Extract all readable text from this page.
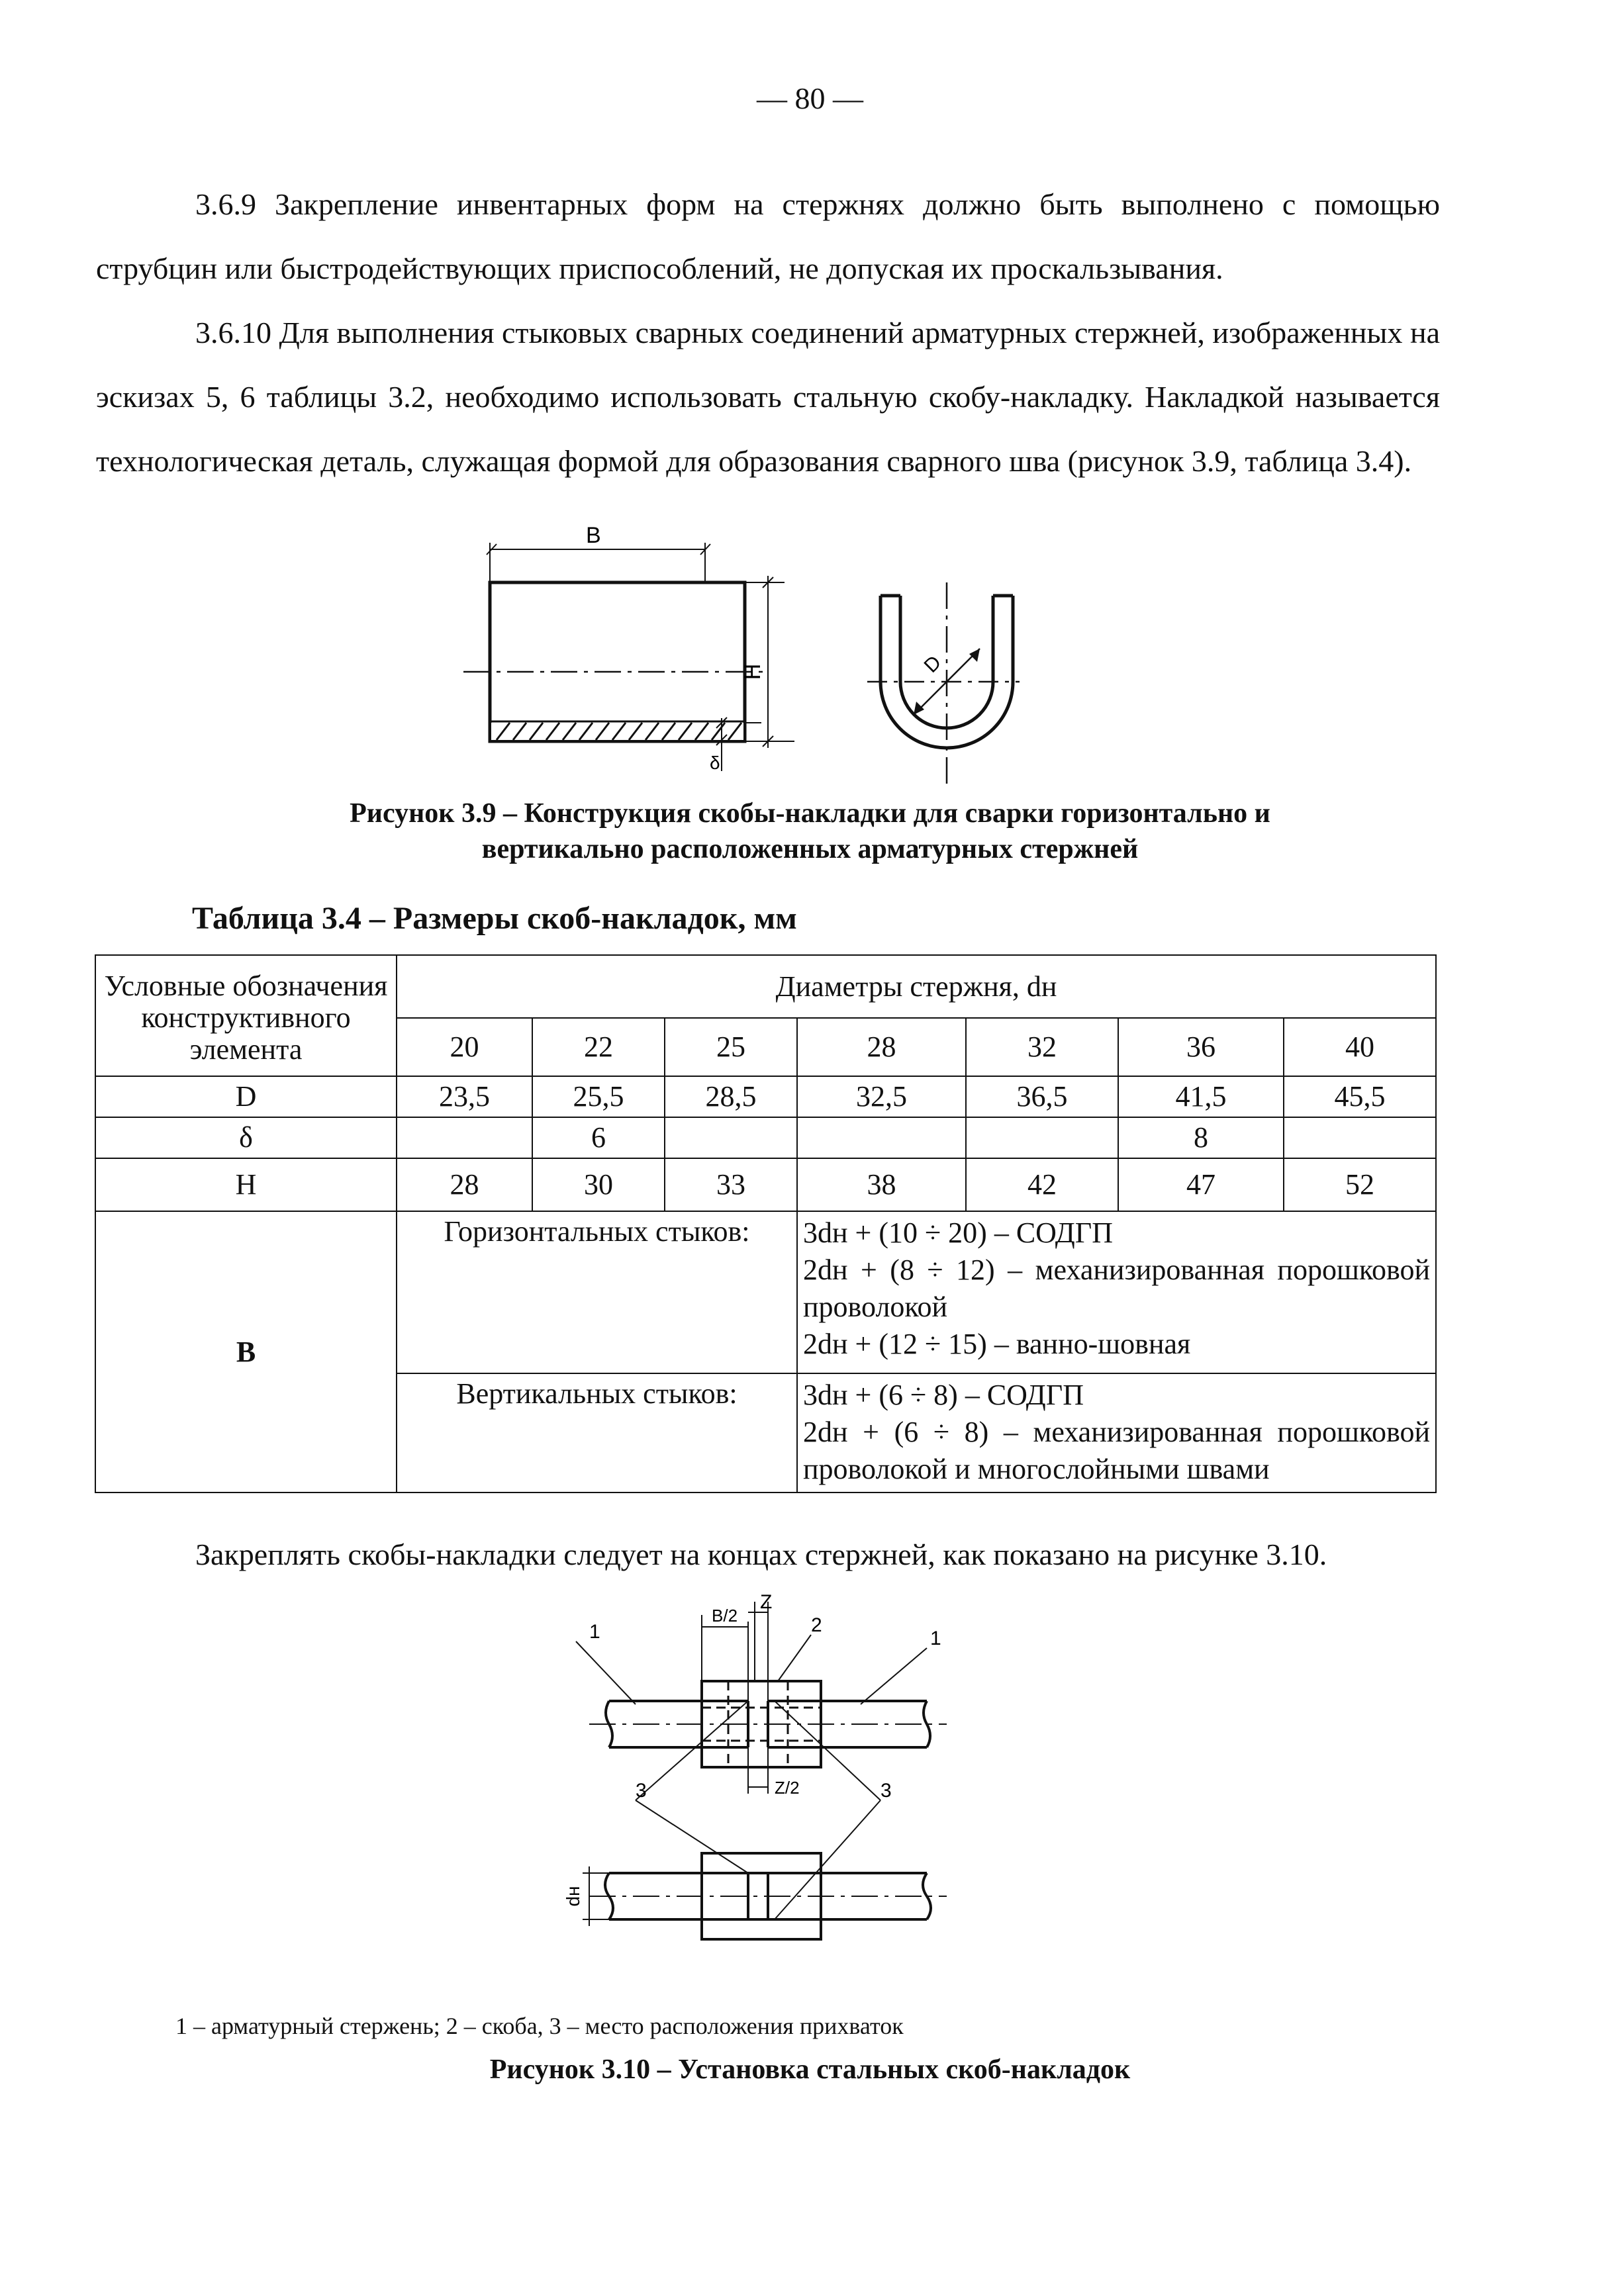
— 80 —

3.6.9 Закрепление инвентарных форм на стержнях должно быть выполнено с помощью струбцин или быстродействующих приспособлений, не допуская их проскальзывания.

3.6.10 Для выполнения стыковых сварных соединений арматурных стержней, изображенных на эскизах 5, 6 таблицы 3.2, необходимо использовать стальную скобу-накладку. Накладкой называется технологическая деталь, служащая формой для образования сварного шва (рисунок 3.9, таблица 3.4).

B
H
δ
D
Рисунок 3.9 – Конструкция скобы-накладки для сварки горизонтально и
вертикально расположенных арматурных стержней
Таблица 3.4 – Размеры скоб-накладок, мм
Условные обозначения конструктивного элемента	Диаметры стержня, dн						
	20	22	25	28	32	36	40
D	23,5	25,5	28,5	32,5	36,5	41,5	45,5
δ		6				8	
H	28	30	33	38	42	47	52
B	Горизонтальных стыков:			3dн + (10 ÷ 20) – СОДГП
2dн + (8 ÷ 12) – механизированная порошковой проволокой
2dн + (12 ÷ 15) – ванно-шовная			

	Вертикальных стыков:			3dн + (6 ÷ 8) – СОДГП
2dн + (6 ÷ 8) – механизированная порошковой проволокой и многослойными швами			

Закреплять скобы-накладки следует на концах стержней, как показано на рисунке 3.10.

Z
B/2
Z/2
1	2
1
3	3
dн
1 – арматурный стержень; 2 – скоба, 3 – место расположения прихваток
Рисунок 3.10 – Установка стальных скоб-накладок
